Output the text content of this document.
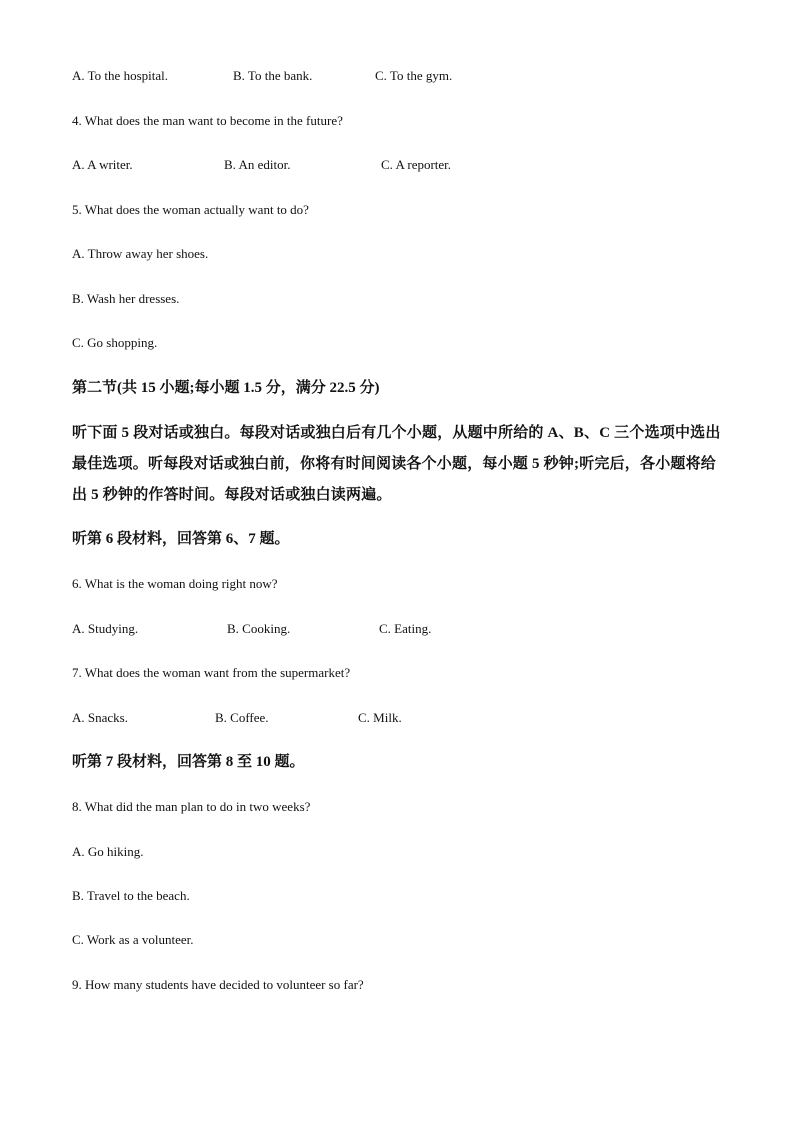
A. To the hospital.	B. To the bank.	C. To the gym.
4. What does the man want to become in the future?
A. A writer.	B. An editor.	C. A reporter.
5. What does the woman actually want to do?
A. Throw away her shoes.
B. Wash her dresses.
C. Go shopping.
第二节(共 15 小题;每小题 1.5 分，满分 22.5 分)
听下面 5 段对话或独白。每段对话或独白后有几个小题，从题中所给的 A、B、C 三个选项中选出最佳选项。听每段对话或独白前，你将有时间阅读各个小题，每小题 5 秒钟;听完后，各小题将给出 5 秒钟的作答时间。每段对话或独白读两遍。
听第 6 段材料，回答第 6、7 题。
6. What is the woman doing right now?
A. Studying.	B. Cooking.	C. Eating.
7. What does the woman want from the supermarket?
A. Snacks.	B. Coffee.	C. Milk.
听第 7 段材料，回答第 8 至 10 题。
8. What did the man plan to do in two weeks?
A. Go hiking.
B. Travel to the beach.
C. Work as a volunteer.
9. How many students have decided to volunteer so far?
